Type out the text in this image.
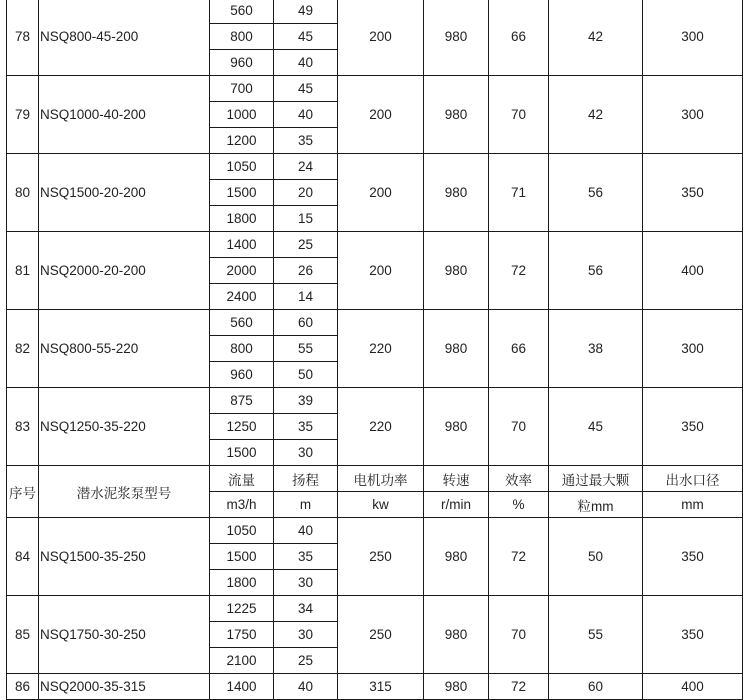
78	NSQ800-45-200	560	49	200	980	66	42	300
		800	45					
		960	40					
79	NSQ1000-40-200	700	45	200	980	70	42	300
		1000	40					
		1200	35					
80	NSQ1500-20-200	1050	24	200	980	71	56	350
		1500	20					
		1800	15					
81	NSQ2000-20-200	1400	25	200	980	72	56	400
		2000	26					
		2400	14					
82	NSQ800-55-220	560	60	220	980	66	38	300
		800	55					
		960	50					
83	NSQ1250-35-220	875	39	220	980	70	45	350
		1250	35					
		1500	30					
序号	潜水泥浆泵型号	流量	扬程	电机功率	转速	效率	通过最大颗	出水口径
		m3/h	m	kw	r/min	%	粒mm	mm
84	NSQ1500-35-250	1050	40	250	980	72	50	350
		1500	35					
		1800	30					
85	NSQ1750-30-250	1225	34	250	980	70	55	350
		1750	30					
		2100	25					
86	NSQ2000-35-315	1400	40	315	980	72	60	400
